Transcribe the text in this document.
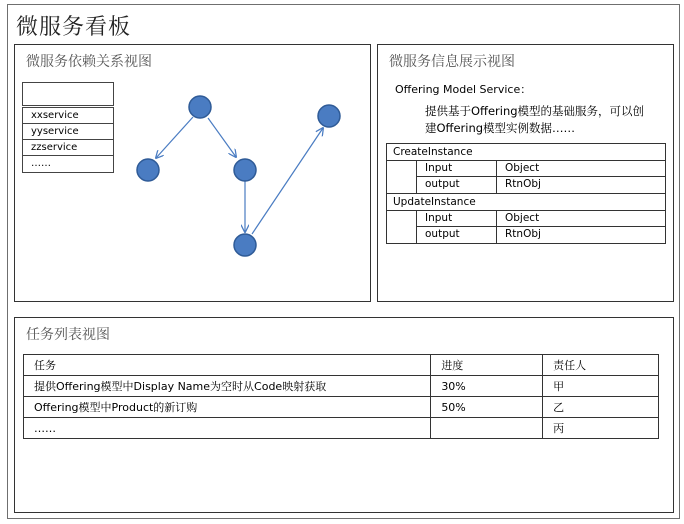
微服务看板
微服务依赖关系视图
xxservice
yyservice
zzservice
……
微服务信息展示视图
Offering Model Service：
提供基于Offering模型的基础服务，可以创建Offering模型实例数据……
CreateInstance
Input	Object
output	RtnObj
UpdateInstance
Input	Object
output	RtnObj
任务列表视图
任务	进度	责任人
提供Offering模型中Display Name为空时从Code映射获取	30%	甲
Offering模型中Product的新订购	50%	乙
……		丙
